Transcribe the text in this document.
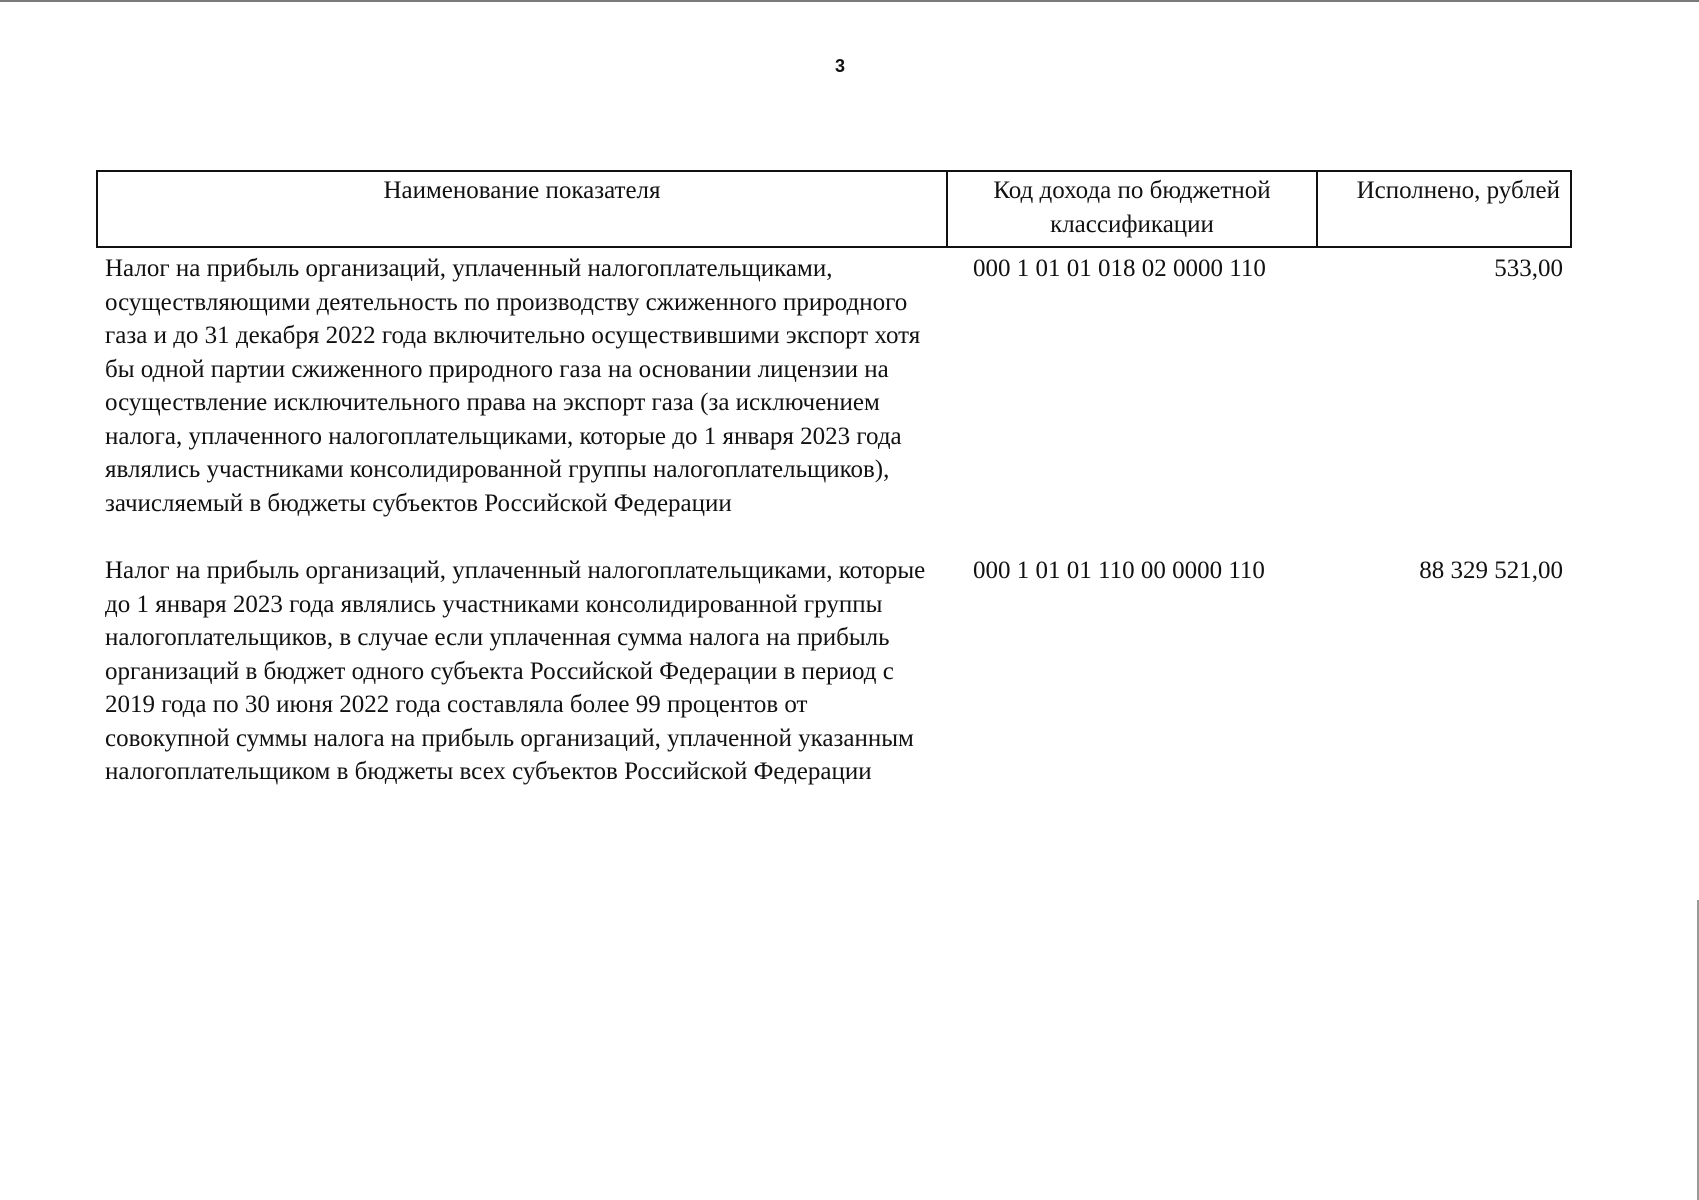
3
Наименование показателя	Код дохода по бюджетной классификации	Исполнено, рублей
Налог на прибыль организаций, уплаченный налогоплательщиками, осуществляющими деятельность по производству сжиженного природного газа и до 31 декабря 2022 года включительно осуществившими экспорт хотя бы одной партии сжиженного природного газа на основании лицензии на осуществление исключительного права на экспорт газа (за исключением налога, уплаченного налогоплательщиками, которые до 1 января 2023 года являлись участниками консолидированной группы налогоплательщиков), зачисляемый в бюджеты субъектов Российской Федерации	000 1 01 01 018 02 0000 110	533,00
Налог на прибыль организаций, уплаченный налогоплательщиками, которые до 1 января 2023 года являлись участниками консолидированной группы налогоплательщиков, в случае если уплаченная сумма налога на прибыль организаций в бюджет одного субъекта Российской Федерации в период с 2019 года по 30 июня 2022 года составляла более 99 процентов от совокупной суммы налога на прибыль организаций, уплаченной указанным налогоплательщиком в бюджеты всех субъектов Российской Федерации	000 1 01 01 110 00 0000 110	88 329 521,00
